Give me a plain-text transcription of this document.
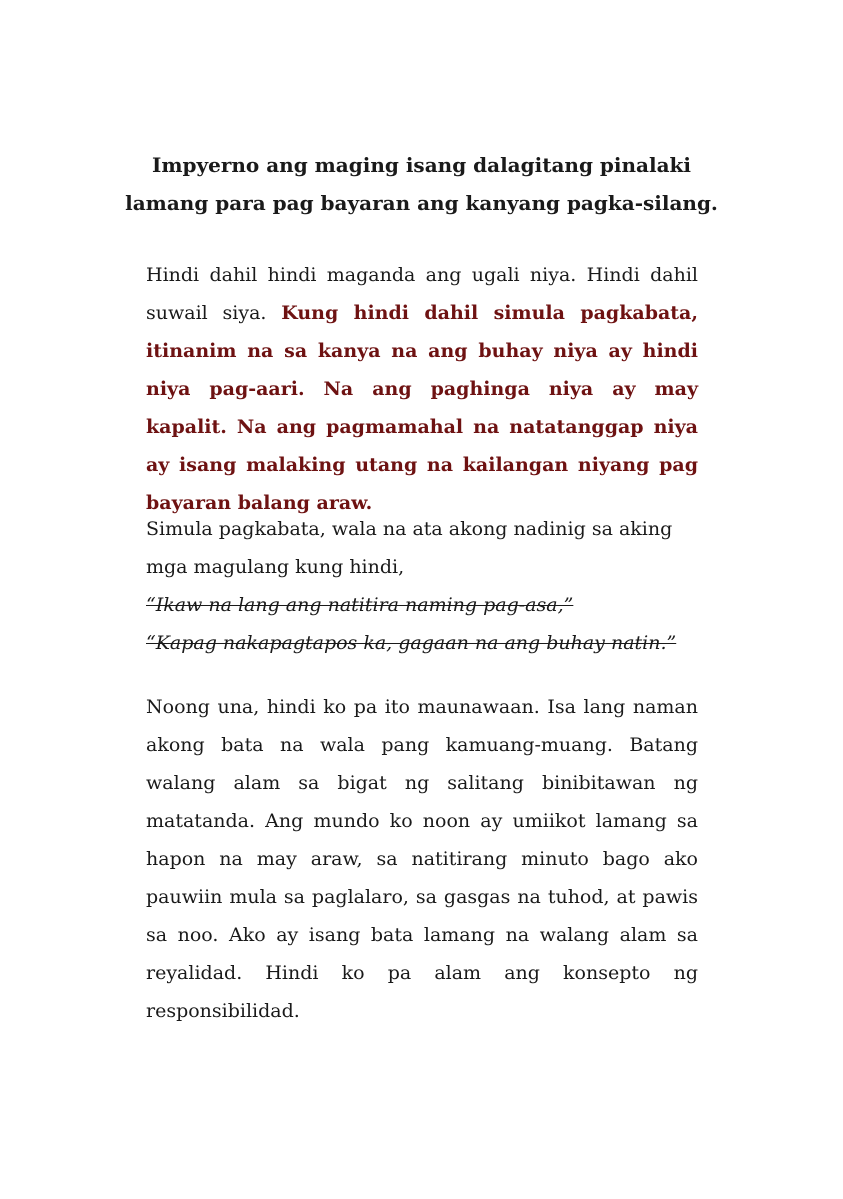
Impyerno ang maging isang dalagitang pinalaki
lamang para pag bayaran ang kanyang pagka-silang.

Hindi dahil hindi maganda ang ugali niya. Hindi dahil suwail siya. Kung hindi dahil simula pagkabata, itinanim na sa kanya na ang buhay niya ay hindi niya pag-aari. Na ang paghinga niya ay may kapalit. Na ang pagmamahal na natatanggap niya ay isang malaking utang na kailangan niyang pag bayaran balang araw.

Simula pagkabata, wala na ata akong nadinig sa aking mga magulang kung hindi,
“Ikaw na lang ang natitira naming pag-asa,”
“Kapag nakapagtapos ka, gagaan na ang buhay natin.”

Noong una, hindi ko pa ito maunawaan. Isa lang naman akong bata na wala pang kamuang-muang. Batang walang alam sa bigat ng salitang binibitawan ng matatanda. Ang mundo ko noon ay umiikot lamang sa hapon na may araw, sa natitirang minuto bago ako pauwiin mula sa paglalaro, sa gasgas na tuhod, at pawis sa noo. Ako ay isang bata lamang na walang alam sa reyalidad. Hindi ko pa alam ang konsepto ng responsibilidad.
